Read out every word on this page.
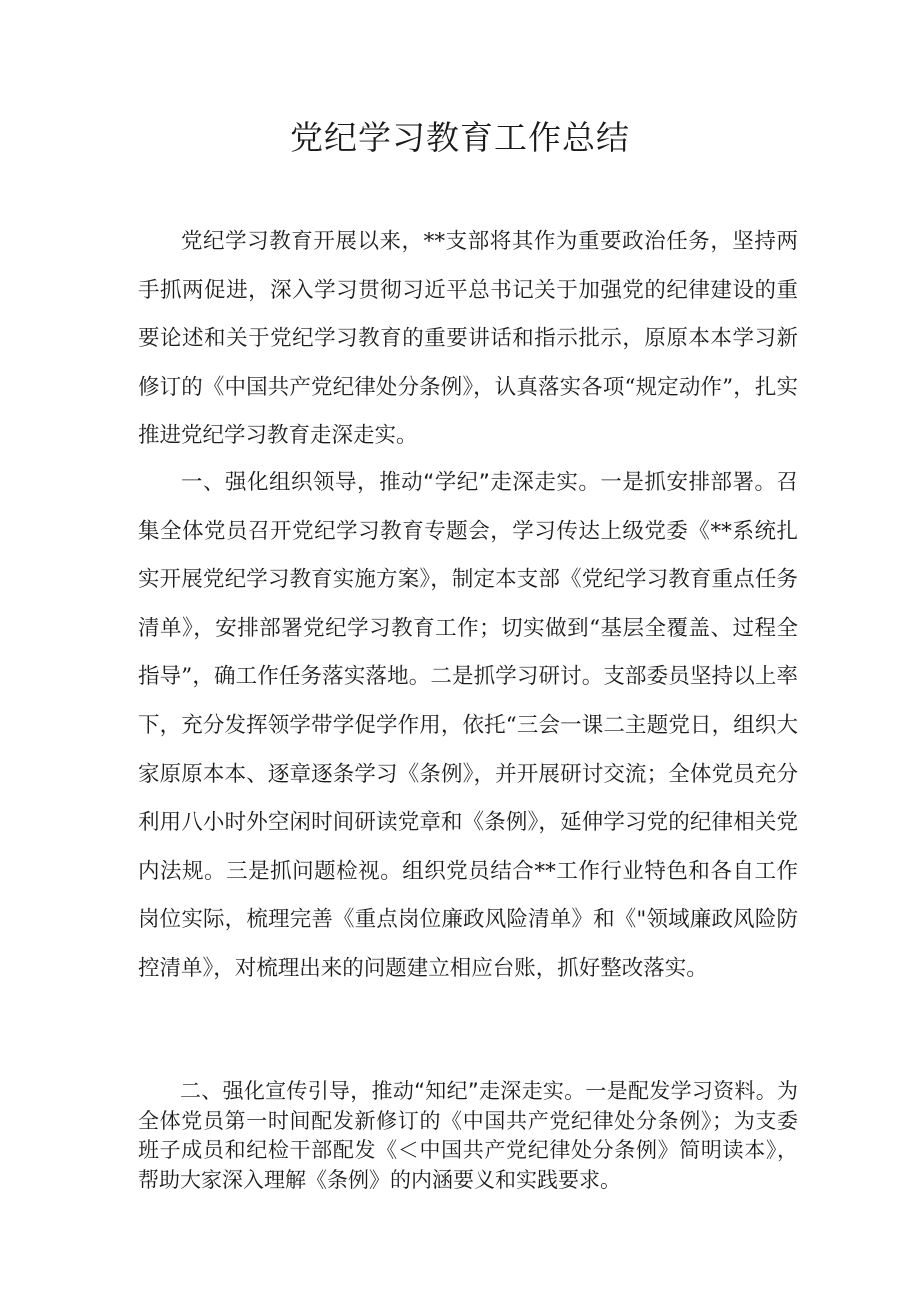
党纪学习教育工作总结

党纪学习教育开展以来，**支部将其作为重要政治任务，坚持两手抓两促进，深入学习贯彻习近平总书记关于加强党的纪律建设的重要论述和关于党纪学习教育的重要讲话和指示批示，原原本本学习新修订的《中国共产党纪律处分条例》，认真落实各项“规定动作”，扎实推进党纪学习教育走深走实。

一、强化组织领导，推动“学纪”走深走实。一是抓安排部署。召集全体党员召开党纪学习教育专题会，学习传达上级党委《**系统扎实开展党纪学习教育实施方案》，制定本支部《党纪学习教育重点任务清单》，安排部署党纪学习教育工作；切实做到“基层全覆盖、过程全指导”，确工作任务落实落地。二是抓学习研讨。支部委员坚持以上率下，充分发挥领学带学促学作用，依托“三会一课二主题党日，组织大家原原本本、逐章逐条学习《条例》，并开展研讨交流；全体党员充分利用八小时外空闲时间研读党章和《条例》，延伸学习党的纪律相关党内法规。三是抓问题检视。组织党员结合**工作行业特色和各自工作岗位实际，梳理完善《重点岗位廉政风险清单》和《"领域廉政风险防控清单》，对梳理出来的问题建立相应台账，抓好整改落实。

二、强化宣传引导，推动“知纪”走深走实。一是配发学习资料。为全体党员第一时间配发新修订的《中国共产党纪律处分条例》；为支委班子成员和纪检干部配发《＜中国共产党纪律处分条例》简明读本》，帮助大家深入理解《条例》的内涵要义和实践要求。
